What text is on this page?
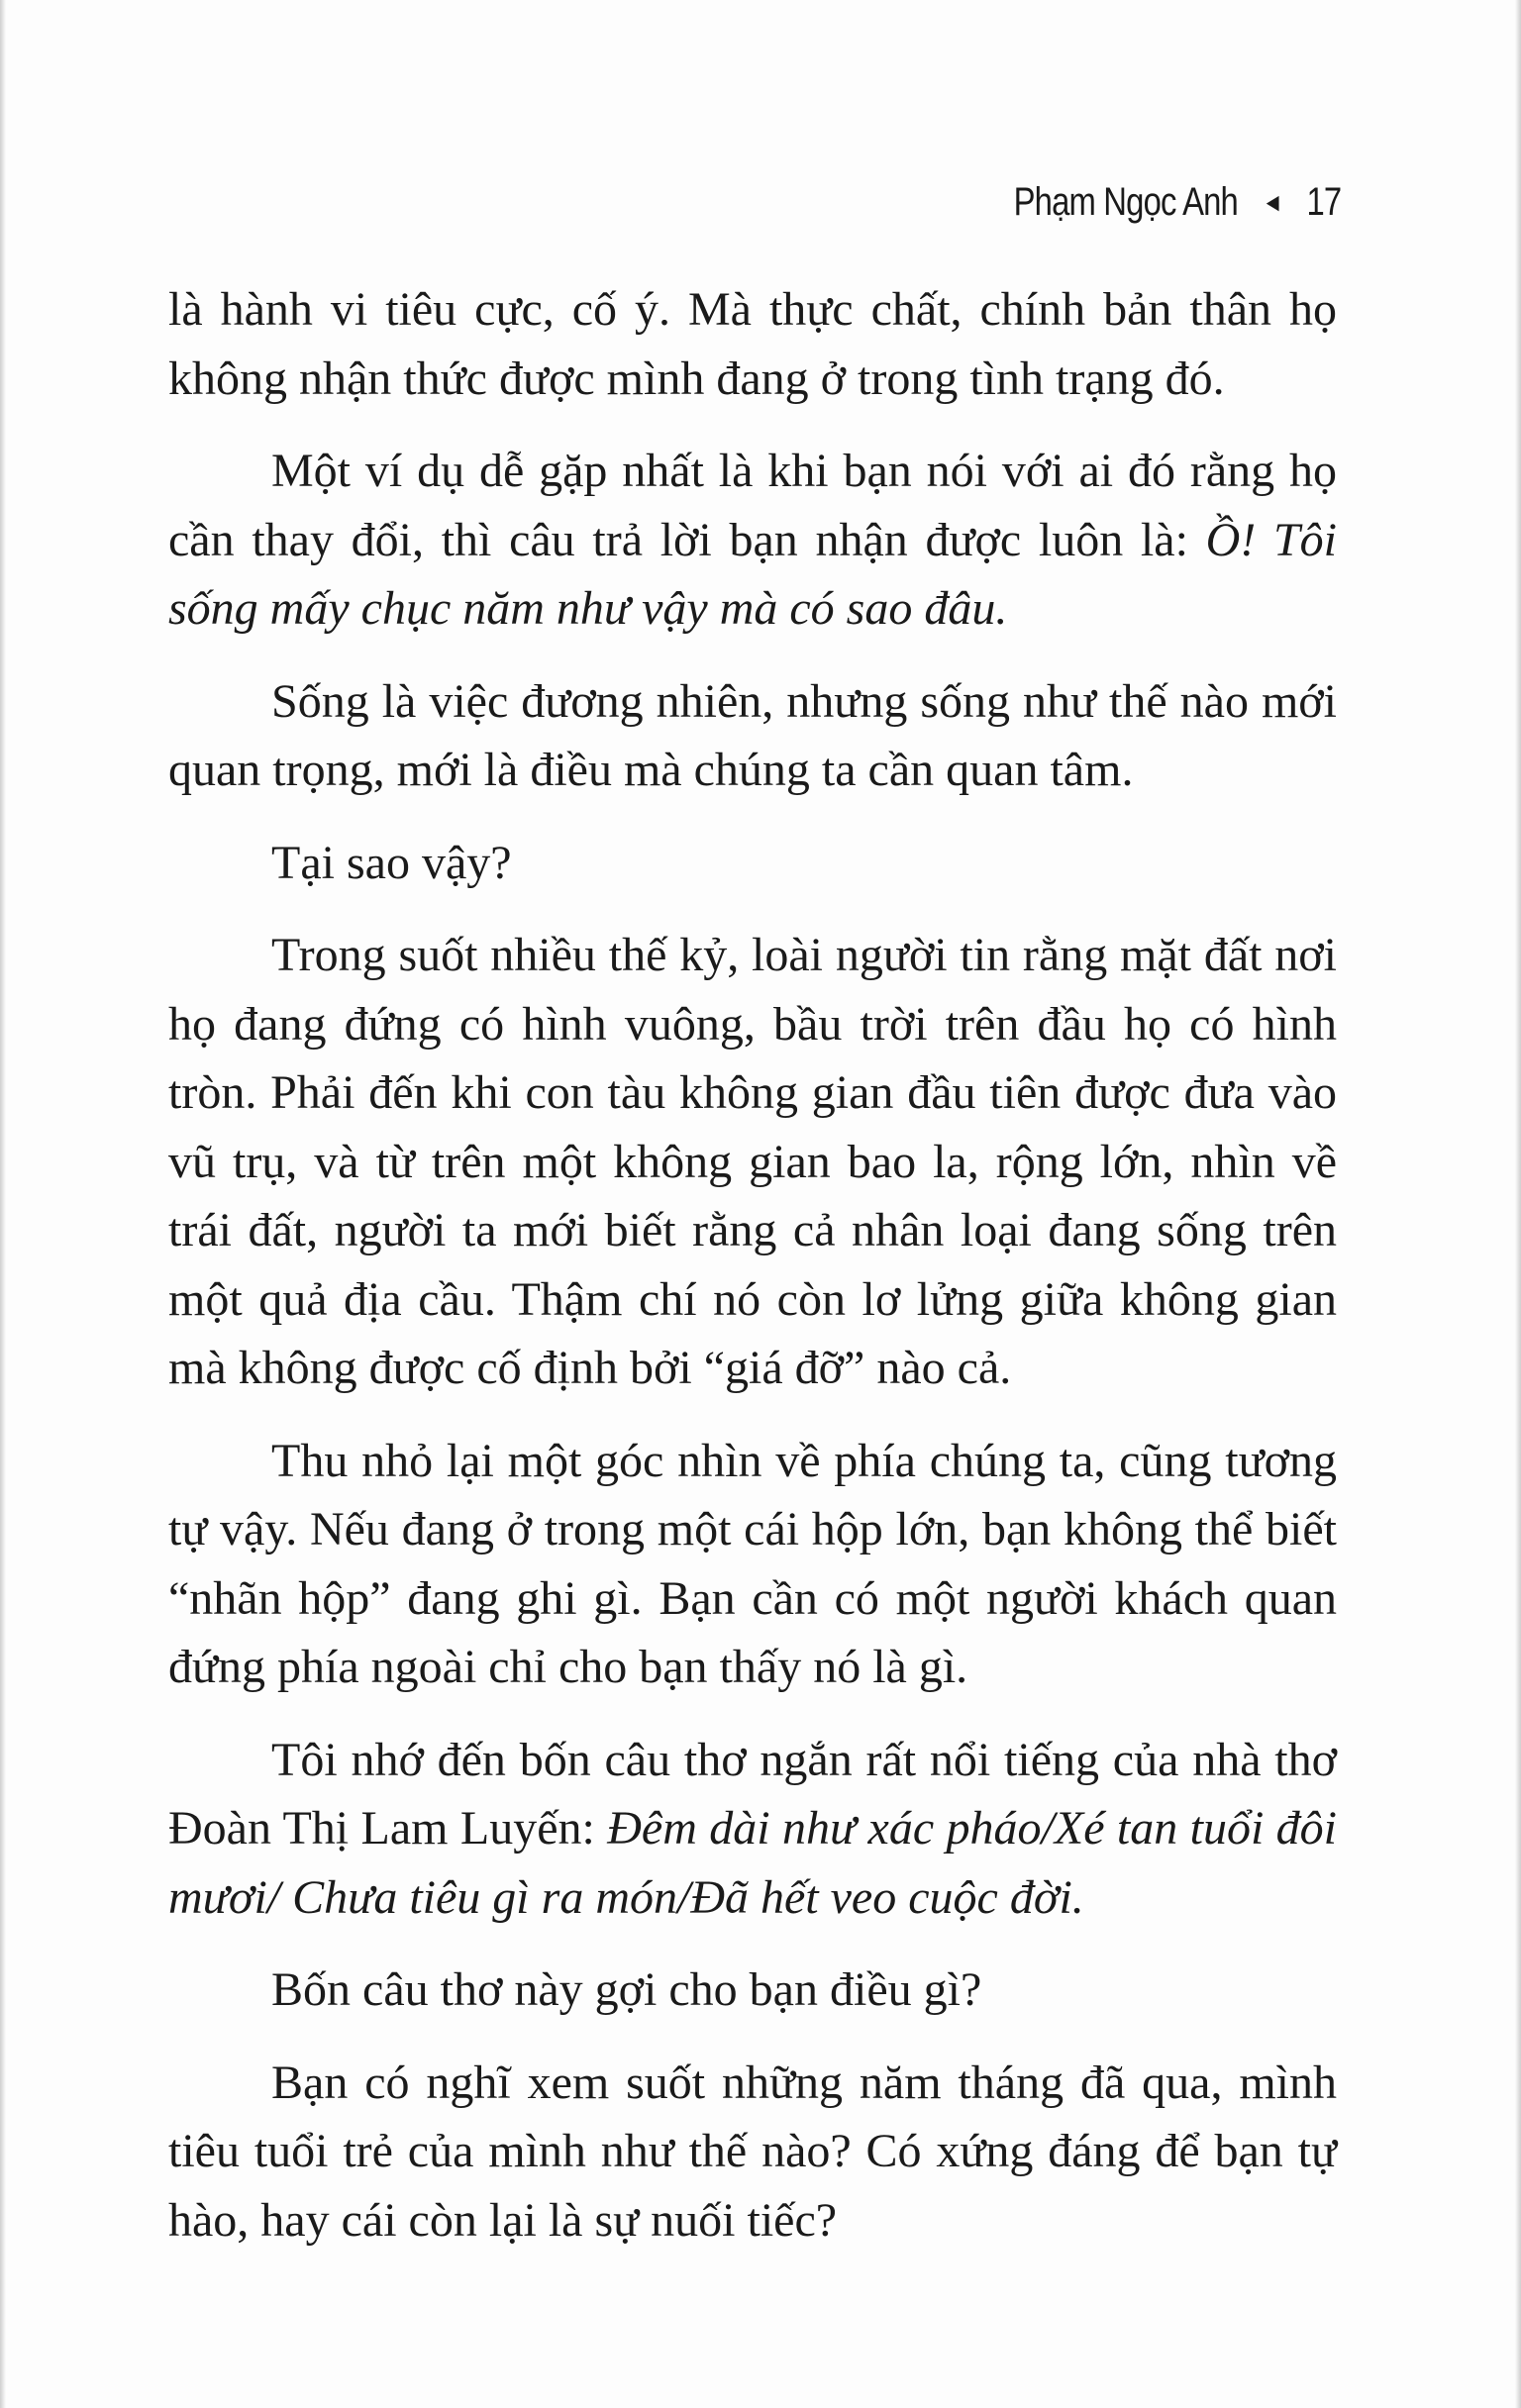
Phạm Ngọc Anh ◄ 17

là hành vi tiêu cực, cố ý. Mà thực chất, chính bản thân họ không nhận thức được mình đang ở trong tình trạng đó.

Một ví dụ dễ gặp nhất là khi bạn nói với ai đó rằng họ cần thay đổi, thì câu trả lời bạn nhận được luôn là: Ồ! Tôi sống mấy chục năm như vậy mà có sao đâu.

Sống là việc đương nhiên, nhưng sống như thế nào mới quan trọng, mới là điều mà chúng ta cần quan tâm.

Tại sao vậy?

Trong suốt nhiều thế kỷ, loài người tin rằng mặt đất nơi họ đang đứng có hình vuông, bầu trời trên đầu họ có hình tròn. Phải đến khi con tàu không gian đầu tiên được đưa vào vũ trụ, và từ trên một không gian bao la, rộng lớn, nhìn về trái đất, người ta mới biết rằng cả nhân loại đang sống trên một quả địa cầu. Thậm chí nó còn lơ lửng giữa không gian mà không được cố định bởi “giá đỡ” nào cả.

Thu nhỏ lại một góc nhìn về phía chúng ta, cũng tương tự vậy. Nếu đang ở trong một cái hộp lớn, bạn không thể biết “nhãn hộp” đang ghi gì. Bạn cần có một người khách quan đứng phía ngoài chỉ cho bạn thấy nó là gì.

Tôi nhớ đến bốn câu thơ ngắn rất nổi tiếng của nhà thơ Đoàn Thị Lam Luyến: Đêm dài như xác pháo/Xé tan tuổi đôi mươi/ Chưa tiêu gì ra món/Đã hết veo cuộc đời.

Bốn câu thơ này gợi cho bạn điều gì?

Bạn có nghĩ xem suốt những năm tháng đã qua, mình tiêu tuổi trẻ của mình như thế nào? Có xứng đáng để bạn tự hào, hay cái còn lại là sự nuối tiếc?
